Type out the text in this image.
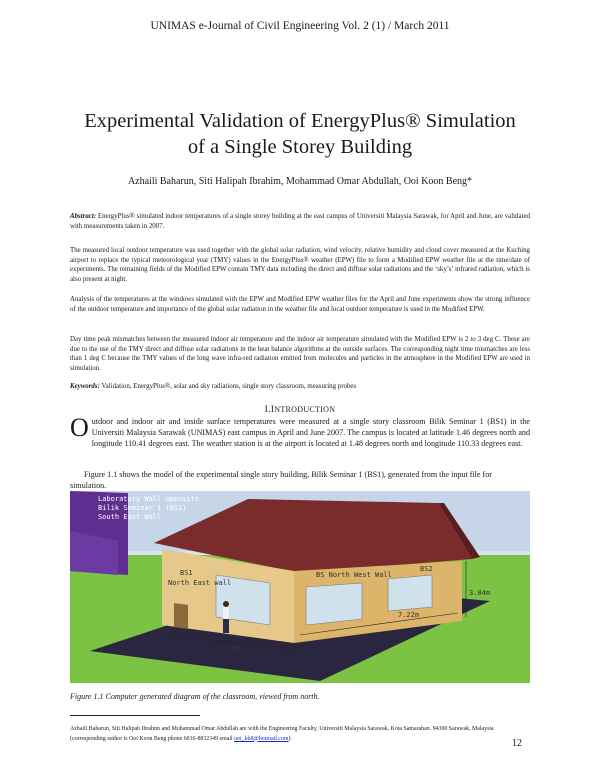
UNIMAS e-Journal of Civil Engineering Vol. 2 (1) / March 2011
Experimental Validation of EnergyPlus® Simulation
of a Single Storey Building
Azhaili Baharun, Siti Halipah Ibrahim, Mohammad Omar Abdullah, Ooi Koon Beng*
Abstract: EnergyPlus® simulated indoor temperatures of a single storey building at the east campus of Universiti Malaysia Sarawak, for April and June, are validated with measurements taken in 2007.
The measured local outdoor temperature was used together with the global solar radiation, wind velocity, relative humidity and cloud cover measured at the Kuching airport to replace the typical meteorological year (TMY) values in the EnergyPlus® weather (EPW) file to form a Modified EPW weather file at the time/date of experiments. The remaining fields of the Modified EPW contain TMY data including the direct and diffuse solar radiations and the ‘sky’s’ infrared radiation, which is also present at night.
Analysis of the temperatures at the windows simulated with the EPW and Modified EPW weather files for the April and June experiments show the strong influence of the outdoor temperature and importance of the global solar radiation in the weather file and local outdoor temperature is used in the Modified EPW.
Day time peak mismatches between the measured indoor air temperature and the indoor air temperature simulated with the Modified EPW is 2 to 3 deg C. These are due to the use of the TMY direct and diffuse solar radiations in the heat balance algorithms at the outside surfaces. The corresponding night time mismatches are less than 1 deg C because the TMY values of the long wave infra-red radiation emitted from molecules and particles in the atmosphere in the Modified EPW are used in simulation.
Keywords: Validation, EnergyPlus®, solar and sky radiations, single story classroom, measuring probes
I.INTRODUCTION
Outdoor and indoor air and inside surface temperatures were measured at a single story classroom Bilik Seminar 1 (BS1) in the Universiti Malaysia Sarawak (UNIMAS) east campus in April and June 2007. The campus is located at latitude 1.46 degrees north and longitude 110.41 degrees east. The weather station is at the airport is located at 1.48 degrees north and longitude 110.33 degrees east.
Figure 1.1 shows the model of the experimental single story building, Bilik Seminar 1 (BS1), generated from the input file for simulation.
Laboratory Wall opposite
Bilik Seminar 1 (BS1)
South East Wall
BS1
North East wall
BS North West Wall
BS2
3.04m
7.22m
7.90m
Figure 1.1 Computer generated diagram of the classroom, viewed from north.
Azhaili Baharun, Siti Halipah Ibrahim and Mohammad Omar Abdullah are with the Engineering Faculty, Universiti Malaysia Sarawak, Kota Samarahan. 94300 Sarawak, Malaysia (corresponding author is Ooi Koon Beng phone 6016-8832349 email ooi_kb8@hotmail.com).	12
